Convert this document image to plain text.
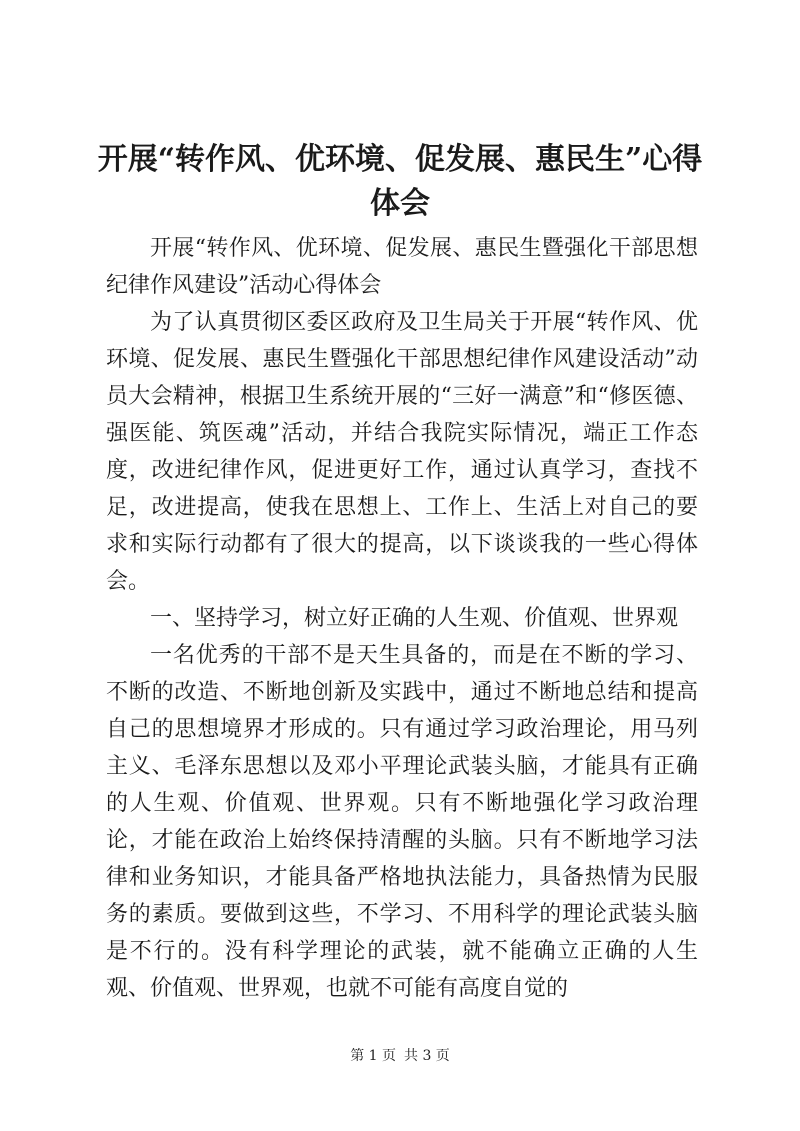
开展“转作风、优环境、促发展、惠民生”心得体会

开展“转作风、优环境、促发展、惠民生暨强化干部思想纪律作风建设”活动心得体会

为了认真贯彻区委区政府及卫生局关于开展“转作风、优环境、促发展、惠民生暨强化干部思想纪律作风建设活动”动员大会精神，根据卫生系统开展的“三好一满意”和“修医德、强医能、筑医魂”活动，并结合我院实际情况，端正工作态度，改进纪律作风，促进更好工作，通过认真学习，查找不足，改进提高，使我在思想上、工作上、生活上对自己的要求和实际行动都有了很大的提高，以下谈谈我的一些心得体会。

一、坚持学习，树立好正确的人生观、价值观、世界观

一名优秀的干部不是天生具备的，而是在不断的学习、不断的改造、不断地创新及实践中，通过不断地总结和提高自己的思想境界才形成的。只有通过学习政治理论，用马列主义、毛泽东思想以及邓小平理论武装头脑，才能具有正确的人生观、价值观、世界观。只有不断地强化学习政治理论，才能在政治上始终保持清醒的头脑。只有不断地学习法律和业务知识，才能具备严格地执法能力，具备热情为民服务的素质。要做到这些，不学习、不用科学的理论武装头脑是不行的。没有科学理论的武装，就不能确立正确的人生观、价值观、世界观，也就不可能有高度自觉的

第 1 页 共 3 页
